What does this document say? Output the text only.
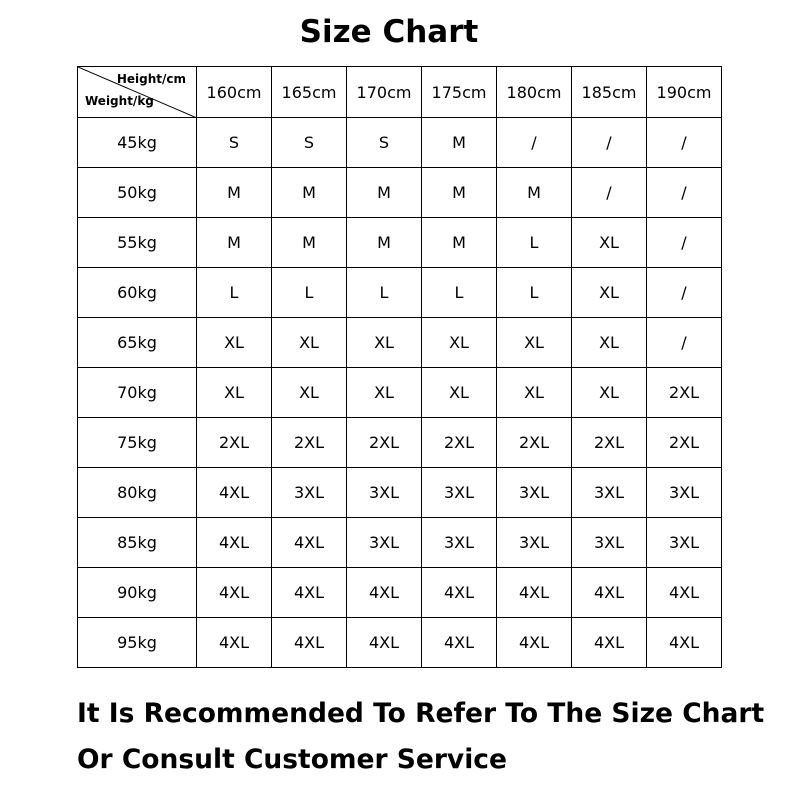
Size Chart
Height/cm
Weight/kg	160cm	165cm	170cm	175cm	180cm	185cm	190cm
45kg	S	S	S	M	/	/	/
50kg	M	M	M	M	M	/	/
55kg	M	M	M	M	L	XL	/
60kg	L	L	L	L	L	XL	/
65kg	XL	XL	XL	XL	XL	XL	/
70kg	XL	XL	XL	XL	XL	XL	2XL
75kg	2XL	2XL	2XL	2XL	2XL	2XL	2XL
80kg	4XL	3XL	3XL	3XL	3XL	3XL	3XL
85kg	4XL	4XL	3XL	3XL	3XL	3XL	3XL
90kg	4XL	4XL	4XL	4XL	4XL	4XL	4XL
95kg	4XL	4XL	4XL	4XL	4XL	4XL	4XL
It Is Recommended To Refer To The Size Chart
Or Consult Customer Service
